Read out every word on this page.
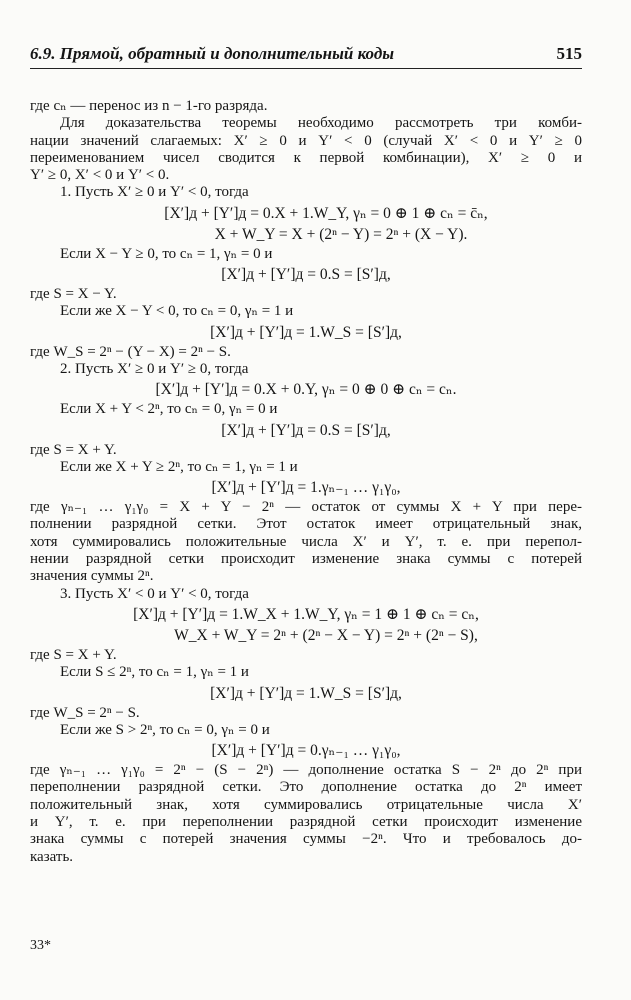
6.9. Прямой, обратный и дополнительный коды	515
где cₙ — перенос из n − 1-го разряда.
Для доказательства теоремы необходимо рассмотреть три комби-
нации значений слагаемых: X′ ≥ 0 и Y′ < 0 (случай X′ < 0 и Y′ ≥ 0
переименованием чисел сводится к первой комбинации), X′ ≥ 0 и
Y′ ≥ 0, X′ < 0 и Y′ < 0.
1. Пусть X′ ≥ 0 и Y′ < 0, тогда
[X′]д + [Y′]д = 0.X + 1.W_Y, γₙ = 0 ⊕ 1 ⊕ cₙ = c̄ₙ,
X + W_Y = X + (2ⁿ − Y) = 2ⁿ + (X − Y).
Если X − Y ≥ 0, то cₙ = 1, γₙ = 0 и
[X′]д + [Y′]д = 0.S = [S′]д,
где S = X − Y.
Если же X − Y < 0, то cₙ = 0, γₙ = 1 и
[X′]д + [Y′]д = 1.W_S = [S′]д,
где W_S = 2ⁿ − (Y − X) = 2ⁿ − S.
2. Пусть X′ ≥ 0 и Y′ ≥ 0, тогда
[X′]д + [Y′]д = 0.X + 0.Y, γₙ = 0 ⊕ 0 ⊕ cₙ = cₙ.
Если X + Y < 2ⁿ, то cₙ = 0, γₙ = 0 и
[X′]д + [Y′]д = 0.S = [S′]д,
где S = X + Y.
Если же X + Y ≥ 2ⁿ, то cₙ = 1, γₙ = 1 и
[X′]д + [Y′]д = 1.γₙ₋₁ … γ₁γ₀,
где γₙ₋₁ … γ₁γ₀ = X + Y − 2ⁿ — остаток от суммы X + Y при пере-
полнении разрядной сетки. Этот остаток имеет отрицательный знак,
хотя суммировались положительные числа X′ и Y′, т. е. при перепол-
нении разрядной сетки происходит изменение знака суммы с потерей
значения суммы 2ⁿ.
3. Пусть X′ < 0 и Y′ < 0, тогда
[X′]д + [Y′]д = 1.W_X + 1.W_Y, γₙ = 1 ⊕ 1 ⊕ cₙ = cₙ,
W_X + W_Y = 2ⁿ + (2ⁿ − X − Y) = 2ⁿ + (2ⁿ − S),
где S = X + Y.
Если S ≤ 2ⁿ, то cₙ = 1, γₙ = 1 и
[X′]д + [Y′]д = 1.W_S = [S′]д,
где W_S = 2ⁿ − S.
Если же S > 2ⁿ, то cₙ = 0, γₙ = 0 и
[X′]д + [Y′]д = 0.γₙ₋₁ … γ₁γ₀,
где γₙ₋₁ … γ₁γ₀ = 2ⁿ − (S − 2ⁿ) — дополнение остатка S − 2ⁿ до 2ⁿ при
переполнении разрядной сетки. Это дополнение остатка до 2ⁿ имеет
положительный знак, хотя суммировались отрицательные числа X′
и Y′, т. е. при переполнении разрядной сетки происходит изменение
знака суммы с потерей значения суммы −2ⁿ. Что и требовалось до-
казать.
33*
